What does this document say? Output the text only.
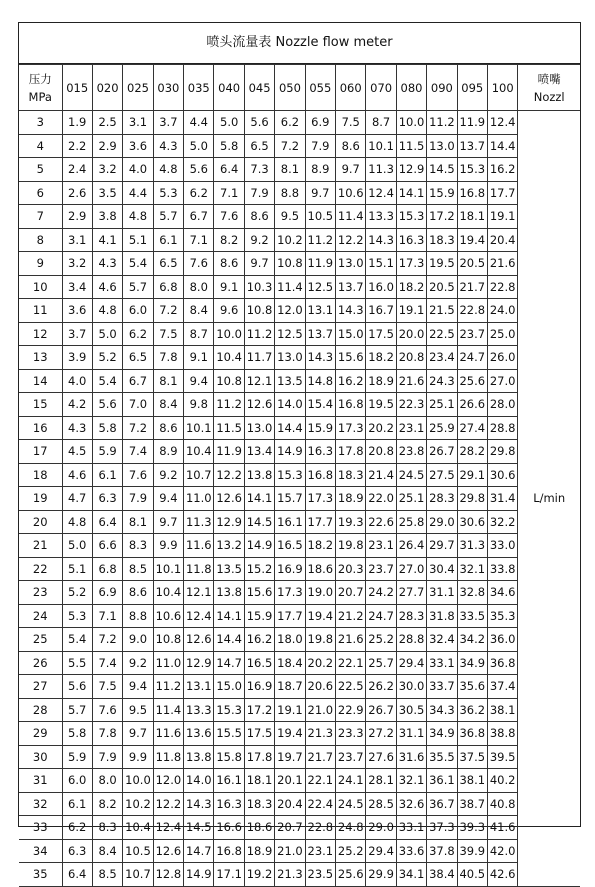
喷头流量表 Nozzle flow meter
压力
MPa	015	020	025	030	035	040	045	050	055	060	070	080	090	095	100	喷嘴
Nozzl
3	1.9	2.5	3.1	3.7	4.4	5.0	5.6	6.2	6.9	7.5	8.7	10.0	11.2	11.9	12.4	L/min
4	2.2	2.9	3.6	4.3	5.0	5.8	6.5	7.2	7.9	8.6	10.1	11.5	13.0	13.7	14.4	
5	2.4	3.2	4.0	4.8	5.6	6.4	7.3	8.1	8.9	9.7	11.3	12.9	14.5	15.3	16.2	
6	2.6	3.5	4.4	5.3	6.2	7.1	7.9	8.8	9.7	10.6	12.4	14.1	15.9	16.8	17.7	
7	2.9	3.8	4.8	5.7	6.7	7.6	8.6	9.5	10.5	11.4	13.3	15.3	17.2	18.1	19.1	
8	3.1	4.1	5.1	6.1	7.1	8.2	9.2	10.2	11.2	12.2	14.3	16.3	18.3	19.4	20.4	
9	3.2	4.3	5.4	6.5	7.6	8.6	9.7	10.8	11.9	13.0	15.1	17.3	19.5	20.5	21.6	
10	3.4	4.6	5.7	6.8	8.0	9.1	10.3	11.4	12.5	13.7	16.0	18.2	20.5	21.7	22.8	
11	3.6	4.8	6.0	7.2	8.4	9.6	10.8	12.0	13.1	14.3	16.7	19.1	21.5	22.8	24.0	
12	3.7	5.0	6.2	7.5	8.7	10.0	11.2	12.5	13.7	15.0	17.5	20.0	22.5	23.7	25.0	
13	3.9	5.2	6.5	7.8	9.1	10.4	11.7	13.0	14.3	15.6	18.2	20.8	23.4	24.7	26.0	
14	4.0	5.4	6.7	8.1	9.4	10.8	12.1	13.5	14.8	16.2	18.9	21.6	24.3	25.6	27.0	
15	4.2	5.6	7.0	8.4	9.8	11.2	12.6	14.0	15.4	16.8	19.5	22.3	25.1	26.6	28.0	
16	4.3	5.8	7.2	8.6	10.1	11.5	13.0	14.4	15.9	17.3	20.2	23.1	25.9	27.4	28.8	
17	4.5	5.9	7.4	8.9	10.4	11.9	13.4	14.9	16.3	17.8	20.8	23.8	26.7	28.2	29.8	
18	4.6	6.1	7.6	9.2	10.7	12.2	13.8	15.3	16.8	18.3	21.4	24.5	27.5	29.1	30.6	
19	4.7	6.3	7.9	9.4	11.0	12.6	14.1	15.7	17.3	18.9	22.0	25.1	28.3	29.8	31.4	
20	4.8	6.4	8.1	9.7	11.3	12.9	14.5	16.1	17.7	19.3	22.6	25.8	29.0	30.6	32.2	
21	5.0	6.6	8.3	9.9	11.6	13.2	14.9	16.5	18.2	19.8	23.1	26.4	29.7	31.3	33.0	
22	5.1	6.8	8.5	10.1	11.8	13.5	15.2	16.9	18.6	20.3	23.7	27.0	30.4	32.1	33.8	
23	5.2	6.9	8.6	10.4	12.1	13.8	15.6	17.3	19.0	20.7	24.2	27.7	31.1	32.8	34.6	
24	5.3	7.1	8.8	10.6	12.4	14.1	15.9	17.7	19.4	21.2	24.7	28.3	31.8	33.5	35.3	
25	5.4	7.2	9.0	10.8	12.6	14.4	16.2	18.0	19.8	21.6	25.2	28.8	32.4	34.2	36.0	
26	5.5	7.4	9.2	11.0	12.9	14.7	16.5	18.4	20.2	22.1	25.7	29.4	33.1	34.9	36.8	
27	5.6	7.5	9.4	11.2	13.1	15.0	16.9	18.7	20.6	22.5	26.2	30.0	33.7	35.6	37.4	
28	5.7	7.6	9.5	11.4	13.3	15.3	17.2	19.1	21.0	22.9	26.7	30.5	34.3	36.2	38.1	
29	5.8	7.8	9.7	11.6	13.6	15.5	17.5	19.4	21.3	23.3	27.2	31.1	34.9	36.8	38.8	
30	5.9	7.9	9.9	11.8	13.8	15.8	17.8	19.7	21.7	23.7	27.6	31.6	35.5	37.5	39.5	
31	6.0	8.0	10.0	12.0	14.0	16.1	18.1	20.1	22.1	24.1	28.1	32.1	36.1	38.1	40.2	
32	6.1	8.2	10.2	12.2	14.3	16.3	18.3	20.4	22.4	24.5	28.5	32.6	36.7	38.7	40.8	
33	6.2	8.3	10.4	12.4	14.5	16.6	18.6	20.7	22.8	24.8	29.0	33.1	37.3	39.3	41.6	
34	6.3	8.4	10.5	12.6	14.7	16.8	18.9	21.0	23.1	25.2	29.4	33.6	37.8	39.9	42.0	
35	6.4	8.5	10.7	12.8	14.9	17.1	19.2	21.3	23.5	25.6	29.9	34.1	38.4	40.5	42.6	
